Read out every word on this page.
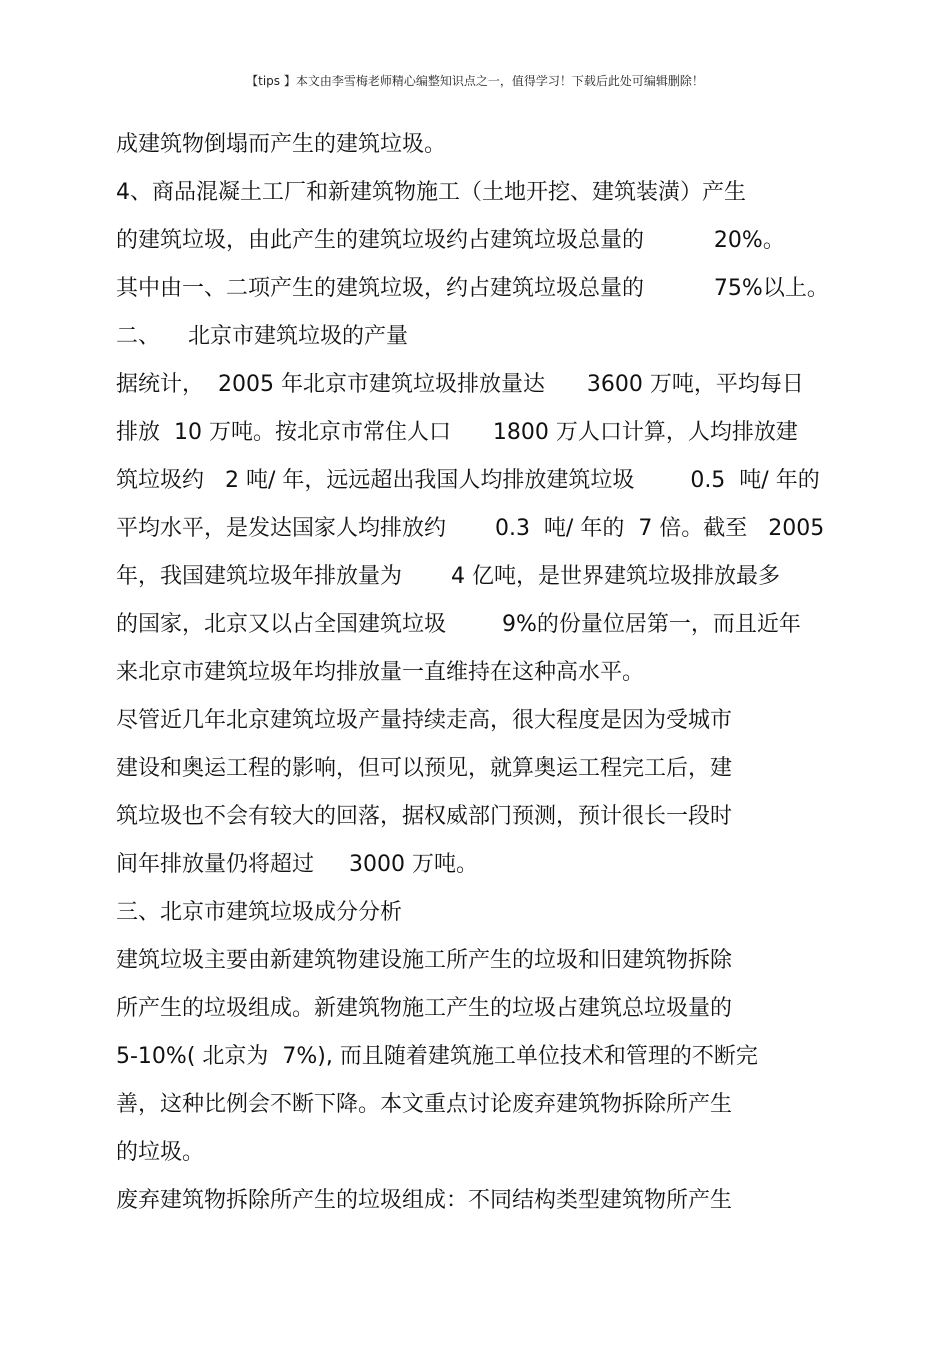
【tips 】本文由李雪梅老师精心编整知识点之一，值得学习！下载后此处可编辑删除！
成建筑物倒塌而产生的建筑垃圾。
4、商品混凝土工厂和新建筑物施工（土地开挖、建筑装潢）产生
的建筑垃圾，由此产生的建筑垃圾约占建筑垃圾总量的          20%。
其中由一、二项产生的建筑垃圾，约占建筑垃圾总量的          75%以上。
二、    北京市建筑垃圾的产量
据统计，  2005 年北京市建筑垃圾排放量达      3600 万吨，平均每日
排放  10 万吨。按北京市常住人口      1800 万人口计算，人均排放建
筑垃圾约   2 吨/ 年，远远超出我国人均排放建筑垃圾        0.5  吨/ 年的
平均水平，是发达国家人均排放约       0.3  吨/ 年的  7 倍。截至   2005
年，我国建筑垃圾年排放量为       4 亿吨，是世界建筑垃圾排放最多
的国家，北京又以占全国建筑垃圾        9%的份量位居第一，而且近年
来北京市建筑垃圾年均排放量一直维持在这种高水平。
尽管近几年北京建筑垃圾产量持续走高，很大程度是因为受城市
建设和奥运工程的影响，但可以预见，就算奥运工程完工后，建
筑垃圾也不会有较大的回落，据权威部门预测，预计很长一段时
间年排放量仍将超过     3000 万吨。
三、北京市建筑垃圾成分分析
建筑垃圾主要由新建筑物建设施工所产生的垃圾和旧建筑物拆除
所产生的垃圾组成。新建筑物施工产生的垃圾占建筑总垃圾量的
5-10%( 北京为  7%), 而且随着建筑施工单位技术和管理的不断完
善，这种比例会不断下降。本文重点讨论废弃建筑物拆除所产生
的垃圾。
废弃建筑物拆除所产生的垃圾组成：不同结构类型建筑物所产生
